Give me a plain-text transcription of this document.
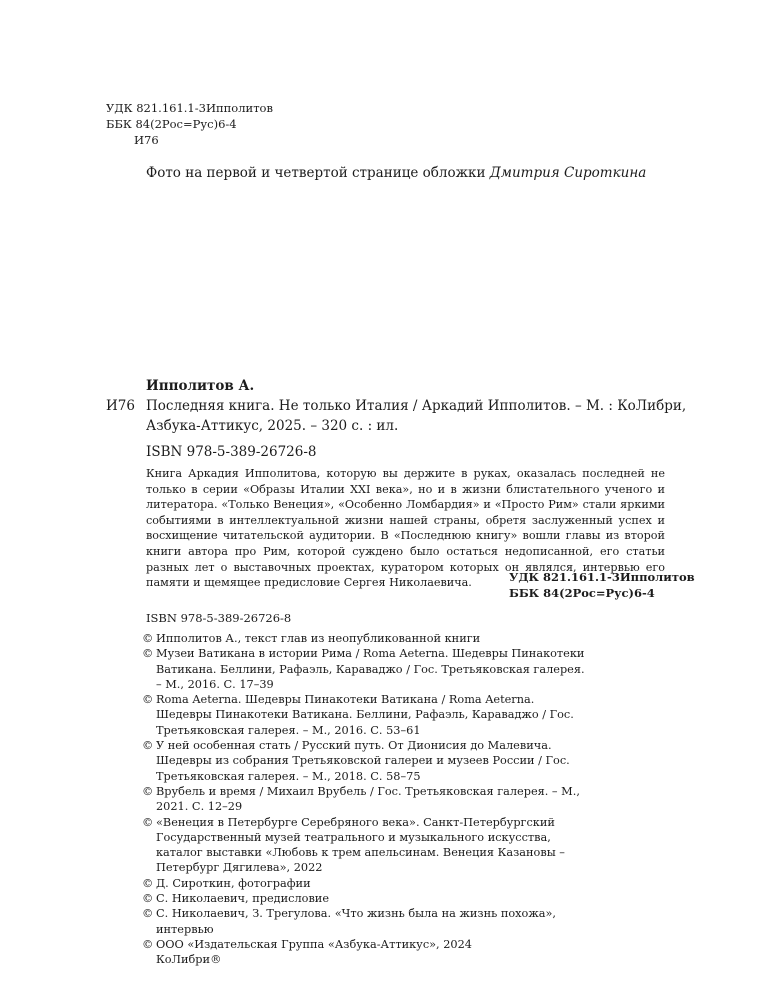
УДК 821.161.1-3Ипполитов
ББК 84(2Рос=Рус)6-4
И76
Фото на первой и четвертой странице обложки Дмитрия Сироткина
Ипполитов А.
И76 Последняя книга. Не только Италия / Аркадий Ипполитов. – М. : КоЛибри,
Азбука-Аттикус, 2025. – 320 с. : ил.
ISBN 978-5-389-26726-8
Книга Аркадия Ипполитова, которую вы держите в руках, оказалась последней не только в серии «Образы Италии XXI века», но и в жизни блистательного ученого и литератора. «Только Венеция», «Особенно Ломбардия» и «Просто Рим» стали яркими событиями в интеллектуальной жизни нашей страны, обретя заслуженный успех и восхищение читательской аудитории. В «Последнюю книгу» вошли главы из второй книги автора про Рим, которой суждено было остаться недописанной, его статьи разных лет о выставочных проектах, куратором которых он являлся, интервью его памяти и щемящее предисловие Сергея Николаевича.	УДК 821.161.1-3Ипполитов
ББК 84(2Рос=Рус)6-4
ISBN 978-5-389-26726-8
© Ипполитов А., текст глав из неопубликованной книги
© Музеи Ватикана в истории Рима / Roma Aeterna. Шедевры Пинакотеки Ватикана. Беллини, Рафаэль, Караваджо / Гос. Третьяковская галерея. – М., 2016. С. 17–39
© Roma Aeterna. Шедевры Пинакотеки Ватикана / Roma Aeterna. Шедевры Пинакотеки Ватикана. Беллини, Рафаэль, Караваджо / Гос. Третьяковская галерея. – М., 2016. С. 53–61
© У ней особенная стать / Русский путь. От Дионисия до Малевича. Шедевры из собрания Третьяковской галереи и музеев России / Гос. Третьяковская галерея. – М., 2018. С. 58–75
© Врубель и время / Михаил Врубель / Гос. Третьяковская галерея. – М., 2021. С. 12–29
© «Венеция в Петербурге Серебряного века». Санкт-Петербургский Государственный музей театрального и музыкального искусства, каталог выставки «Любовь к трем апельсинам. Венеция Казановы – Петербург Дягилева», 2022
© Д. Сироткин, фотографии
© С. Николаевич, предисловие
© С. Николаевич, З. Трегулова. «Что жизнь была на жизнь похожа», интервью
© ООО «Издательская Группа «Азбука-Аттикус», 2024
КоЛибри®
